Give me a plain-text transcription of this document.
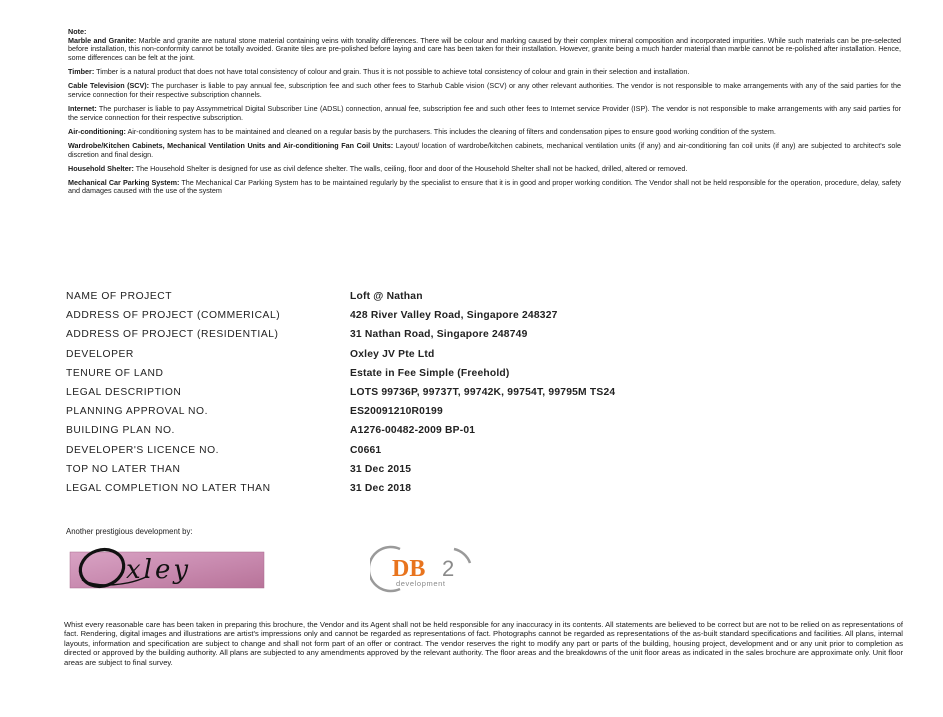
Note:

Marble and Granite: Marble and granite are natural stone material containing veins with tonality differences. There will be colour and marking caused by their complex mineral composition and incorporated impurities. While such materials can be pre-selected before installation, this non-conformity cannot be totally avoided. Granite tiles are pre-polished before laying and care has been taken for their installation. However, granite being a much harder material than marble cannot be re-polished after installation. Hence, some differences can be felt at the joint.

Timber: Timber is a natural product that does not have total consistency of colour and grain. Thus it is not possible to achieve total consistency of colour and grain in their selection and installation.

Cable Television (SCV): The purchaser is liable to pay annual fee, subscription fee and such other fees to Starhub Cable vision (SCV) or any other relevant authorities. The vendor is not responsible to make arrangements with any of the said parties for the service connection for their respective subscription channels.

Internet: The purchaser is liable to pay Assymmetrical Digital Subscriber Line (ADSL) connection, annual fee, subscription fee and such other fees to Internet service Provider (ISP). The vendor is not responsible to make arrangements with any said parties for the service connection for their respective subscription.

Air-conditioning: Air-conditioning system has to be maintained and cleaned on a regular basis by the purchasers. This includes the cleaning of filters and condensation pipes to ensure good working condition of the system.

Wardrobe/Kitchen Cabinets, Mechanical Ventilation Units and Air-conditioning Fan Coil Units: Layout/ location of wardrobe/kitchen cabinets, mechanical ventilation units (if any) and air-conditioning fan coil units (if any) are subjected to architect's sole discretion and final design.

Household Shelter: The Household Shelter is designed for use as civil defence shelter. The walls, ceiling, floor and door of the Household Shelter shall not be hacked, drilled, altered or removed.

Mechanical Car Parking System: The Mechanical Car Parking System has to be maintained regularly by the specialist to ensure that it is in good and proper working condition. The Vendor shall not be held responsible for the operation, procedure, delay, safety and damages caused with the use of the system

NAME OF PROJECT	Loft @ Nathan
ADDRESS OF PROJECT (COMMERICAL)	428 River Valley Road, Singapore 248327
ADDRESS OF PROJECT (RESIDENTIAL)	31 Nathan Road, Singapore 248749
DEVELOPER	Oxley JV Pte Ltd
TENURE OF LAND	Estate in Fee Simple (Freehold)
LEGAL DESCRIPTION	LOTS 99736P, 99737T, 99742K, 99754T, 99795M TS24
PLANNING APPROVAL NO.	ES20091210R0199
BUILDING PLAN NO.	A1276-00482-2009 BP-01
DEVELOPER'S LICENCE NO.	C0661
TOP NO LATER THAN	31 Dec 2015
LEGAL COMPLETION NO LATER THAN	31 Dec 2018
Another prestigious development by:
xley	DB 2
development
Whist every reasonable care has been taken in preparing this brochure, the Vendor and its Agent shall not be held responsible for any inaccuracy in its contents. All statements are believed to be correct but are not to be relied on as representations of fact. Rendering, digital images and illustrations are artist's impressions only and cannot be regarded as representations of fact. Photographs cannot be regarded as representations of the as-built standard specifications and facilities. All plans, internal layouts, information and specification are subject to change and shall not form part of an offer or contract. The vendor reserves the right to modify any part or parts of the building, housing project, development and or any unit prior to completion as directed or approved by the building authority. All plans are subjected to any amendments approved by the relevant authority. The floor areas and the breakdowns of the unit floor areas as indicated in the sales brochure are approximate only. Unit floor areas are subject to final survey.
